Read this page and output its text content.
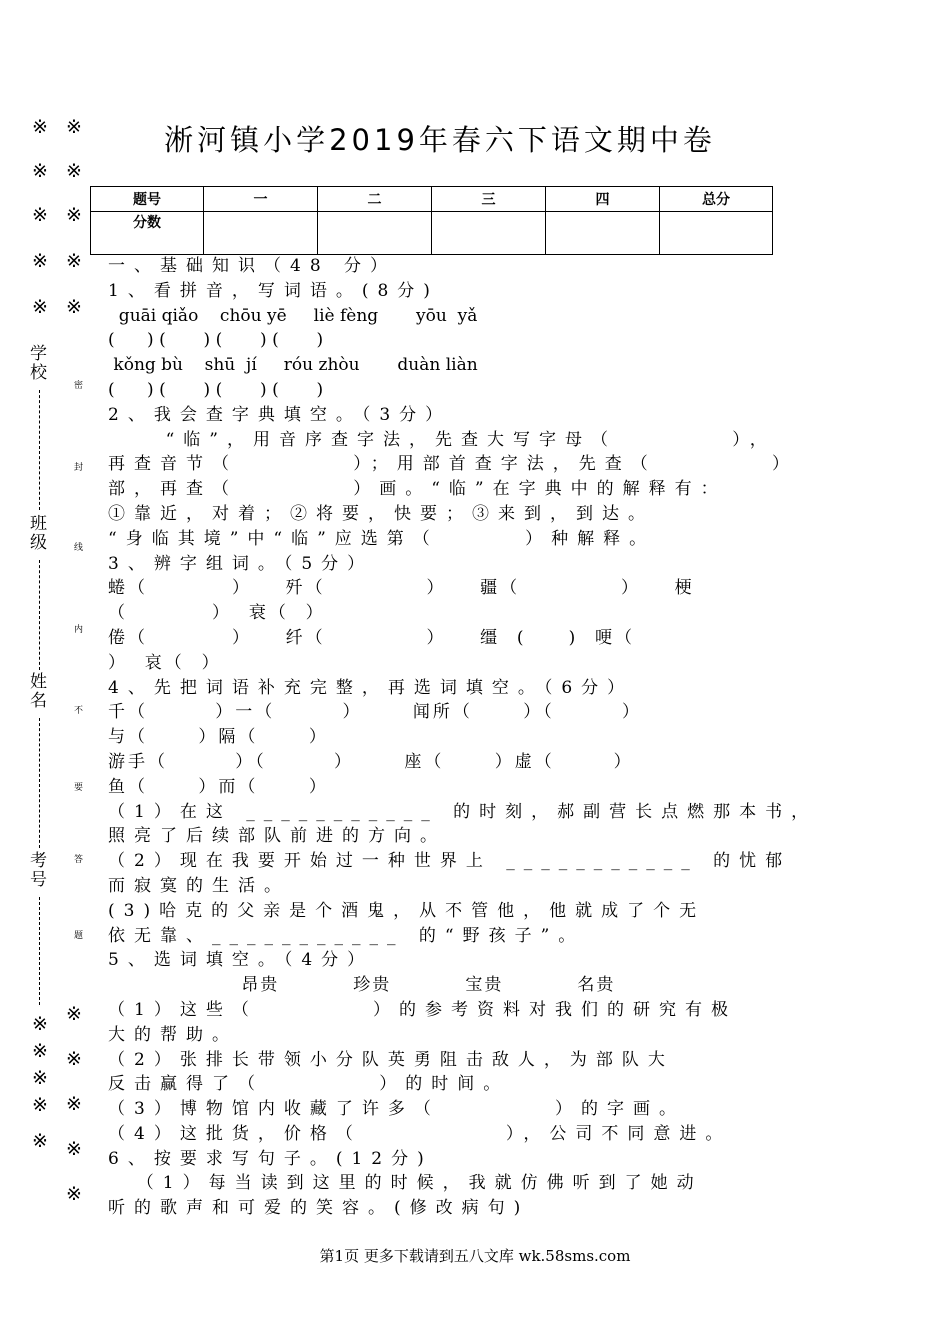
淅河镇小学2019年春六下语文期中卷
题号	一	二	三	四	总分
分数					
※ ※
※ ※
※ ※
※ ※
※ ※
学校
班级
姓名
考号
密
封
线
内
不
要
答
题
※ ※
※ ※
※
※
※
※
※
※
一、基础知识（48 分）
1、看拼音，写词语。(8分)
guāi qiǎo    chōu yē     liè fèng       yōu  yǎ
(      ) (       ) (       ) (       )
kǒng bù    shū  jí     róu zhòu       duàn liàn
(      ) (       ) (       ) (       )
2、我会查字典填空。（3分）
“临”，用音序查字法，先查大写字母（        ），
再查音节（        ）；用部首查字法，先查（        ）
部，再查（        ）画。“临”在字典中的解释有：
①靠近，对着；②将要，快要；③来到，到达。
“身临其境”中“临”应选第（      ）种解释。
3、辨字组词。（5分）
蜷（          ）    歼（            ）    疆（            ）    梗
（          ）  衰（  ）
倦（          ）    纤（            ）    缰  (     )  哽（
）  哀（  ）
4、先把词语补充完整，再选词填空。（6分）
千（        ）一（        ）      闻所（      ）（        ）
与（      ）隔（      ）
游手（        ）（        ）      座（      ）虚（       ）
鱼（      ）而（      ）
（1）在这 ___________ 的时刻，郝副营长点燃那本书，
照亮了后续部队前进的方向。
（2）现在我要开始过一种世界上 ___________ 的忧郁
而寂寞的生活。
(3)哈克的父亲是个酒鬼，从不管他，他就成了个无
依无靠、___________ 的“野孩子”。
5、选词填空。（4分）
昂贵          珍贵          宝贵          名贵
（1）这些（        ）的参考资料对我们的研究有极
大的帮助。
（2）张排长带领小分队英勇阻击敌人，为部队大
反击赢得了（        ）的时间。
（3）博物馆内收藏了许多（        ）的字画。
（4）这批货，价格（          ），公司不同意进。
6、按要求写句子。(12分)
（1）每当读到这里的时候，我就仿佛听到了她动
听的歌声和可爱的笑容。(修改病句)
第1页 更多下载请到五八文库 wk.58sms.com
